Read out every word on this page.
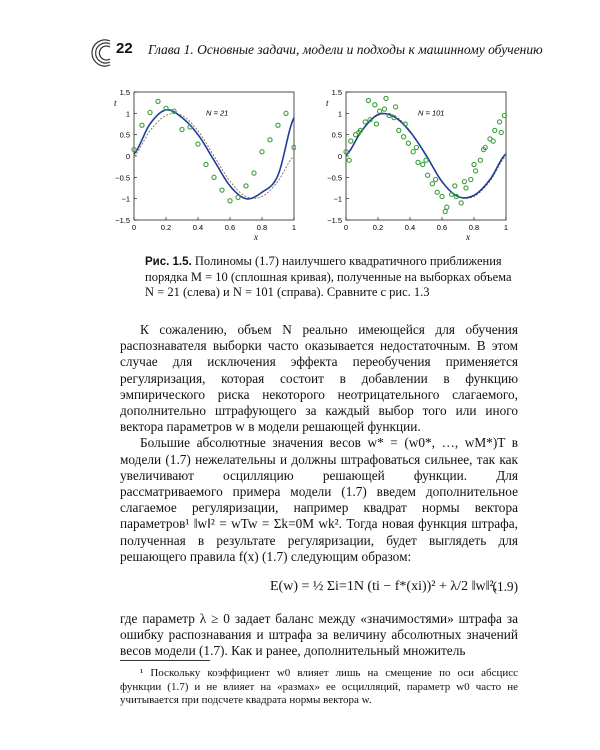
22 Глава 1. Основные задачи, модели и подходы к машинному обучению
1.5
1
0.5
0
−0.5
−1
−1.5
0	0.2	0.4	0.6	0.8	1
t
x
N = 21
1.5
1
0.5
0
−0.5
−1
−1.5
0	0.2	0.4	0.6	0.8	1
t
x
N = 101
Рис. 1.5. Полиномы (1.7) наилучшего квадратичного приближения порядка M = 10 (сплошная кривая), полученные на выборках объема N = 21 (слева) и N = 101 (справа). Сравните с рис. 1.3

К сожалению, объем N реально имеющейся для обучения распознавателя выборки часто оказывается недостаточным. В этом случае для исключения эффекта переобучения применяется регуляризация, которая состоит в добавлении в функцию эмпирического риска некоторого неотрицательного слагаемого, дополнительно штрафующего за каждый выбор того или иного вектора параметров w в модели решающей функции.

Большие абсолютные значения весов w* = (w0*, …, wM*)T в модели (1.7) нежелательны и должны штрафоваться сильнее, так как увеличивают осцилляцию решающей функции. Для рассматриваемого примера модели (1.7) введем дополнительное слагаемое регуляризации, например квадрат нормы вектора параметров¹ ‖w‖² = wTw = Σk=0M wk². Тогда новая функция штрафа, полученная в результате регуляризации, будет выглядеть для решающего правила f(x) (1.7) следующим образом:

E(w) = ½ Σi=1N (ti − f*(xi))² + λ/2 ‖w‖²,
(1.9)

где параметр λ ≥ 0 задает баланс между «значимостями» штрафа за ошибку распознавания и штрафа за величину абсолютных значений весов модели (1.7). Как и ранее, дополнительный множитель

¹ Поскольку коэффициент w0 влияет лишь на смещение по оси абсцисс функции (1.7) и не влияет на «размах» ее осцилляций, параметр w0 часто не учитывается при подсчете квадрата нормы вектора w.
